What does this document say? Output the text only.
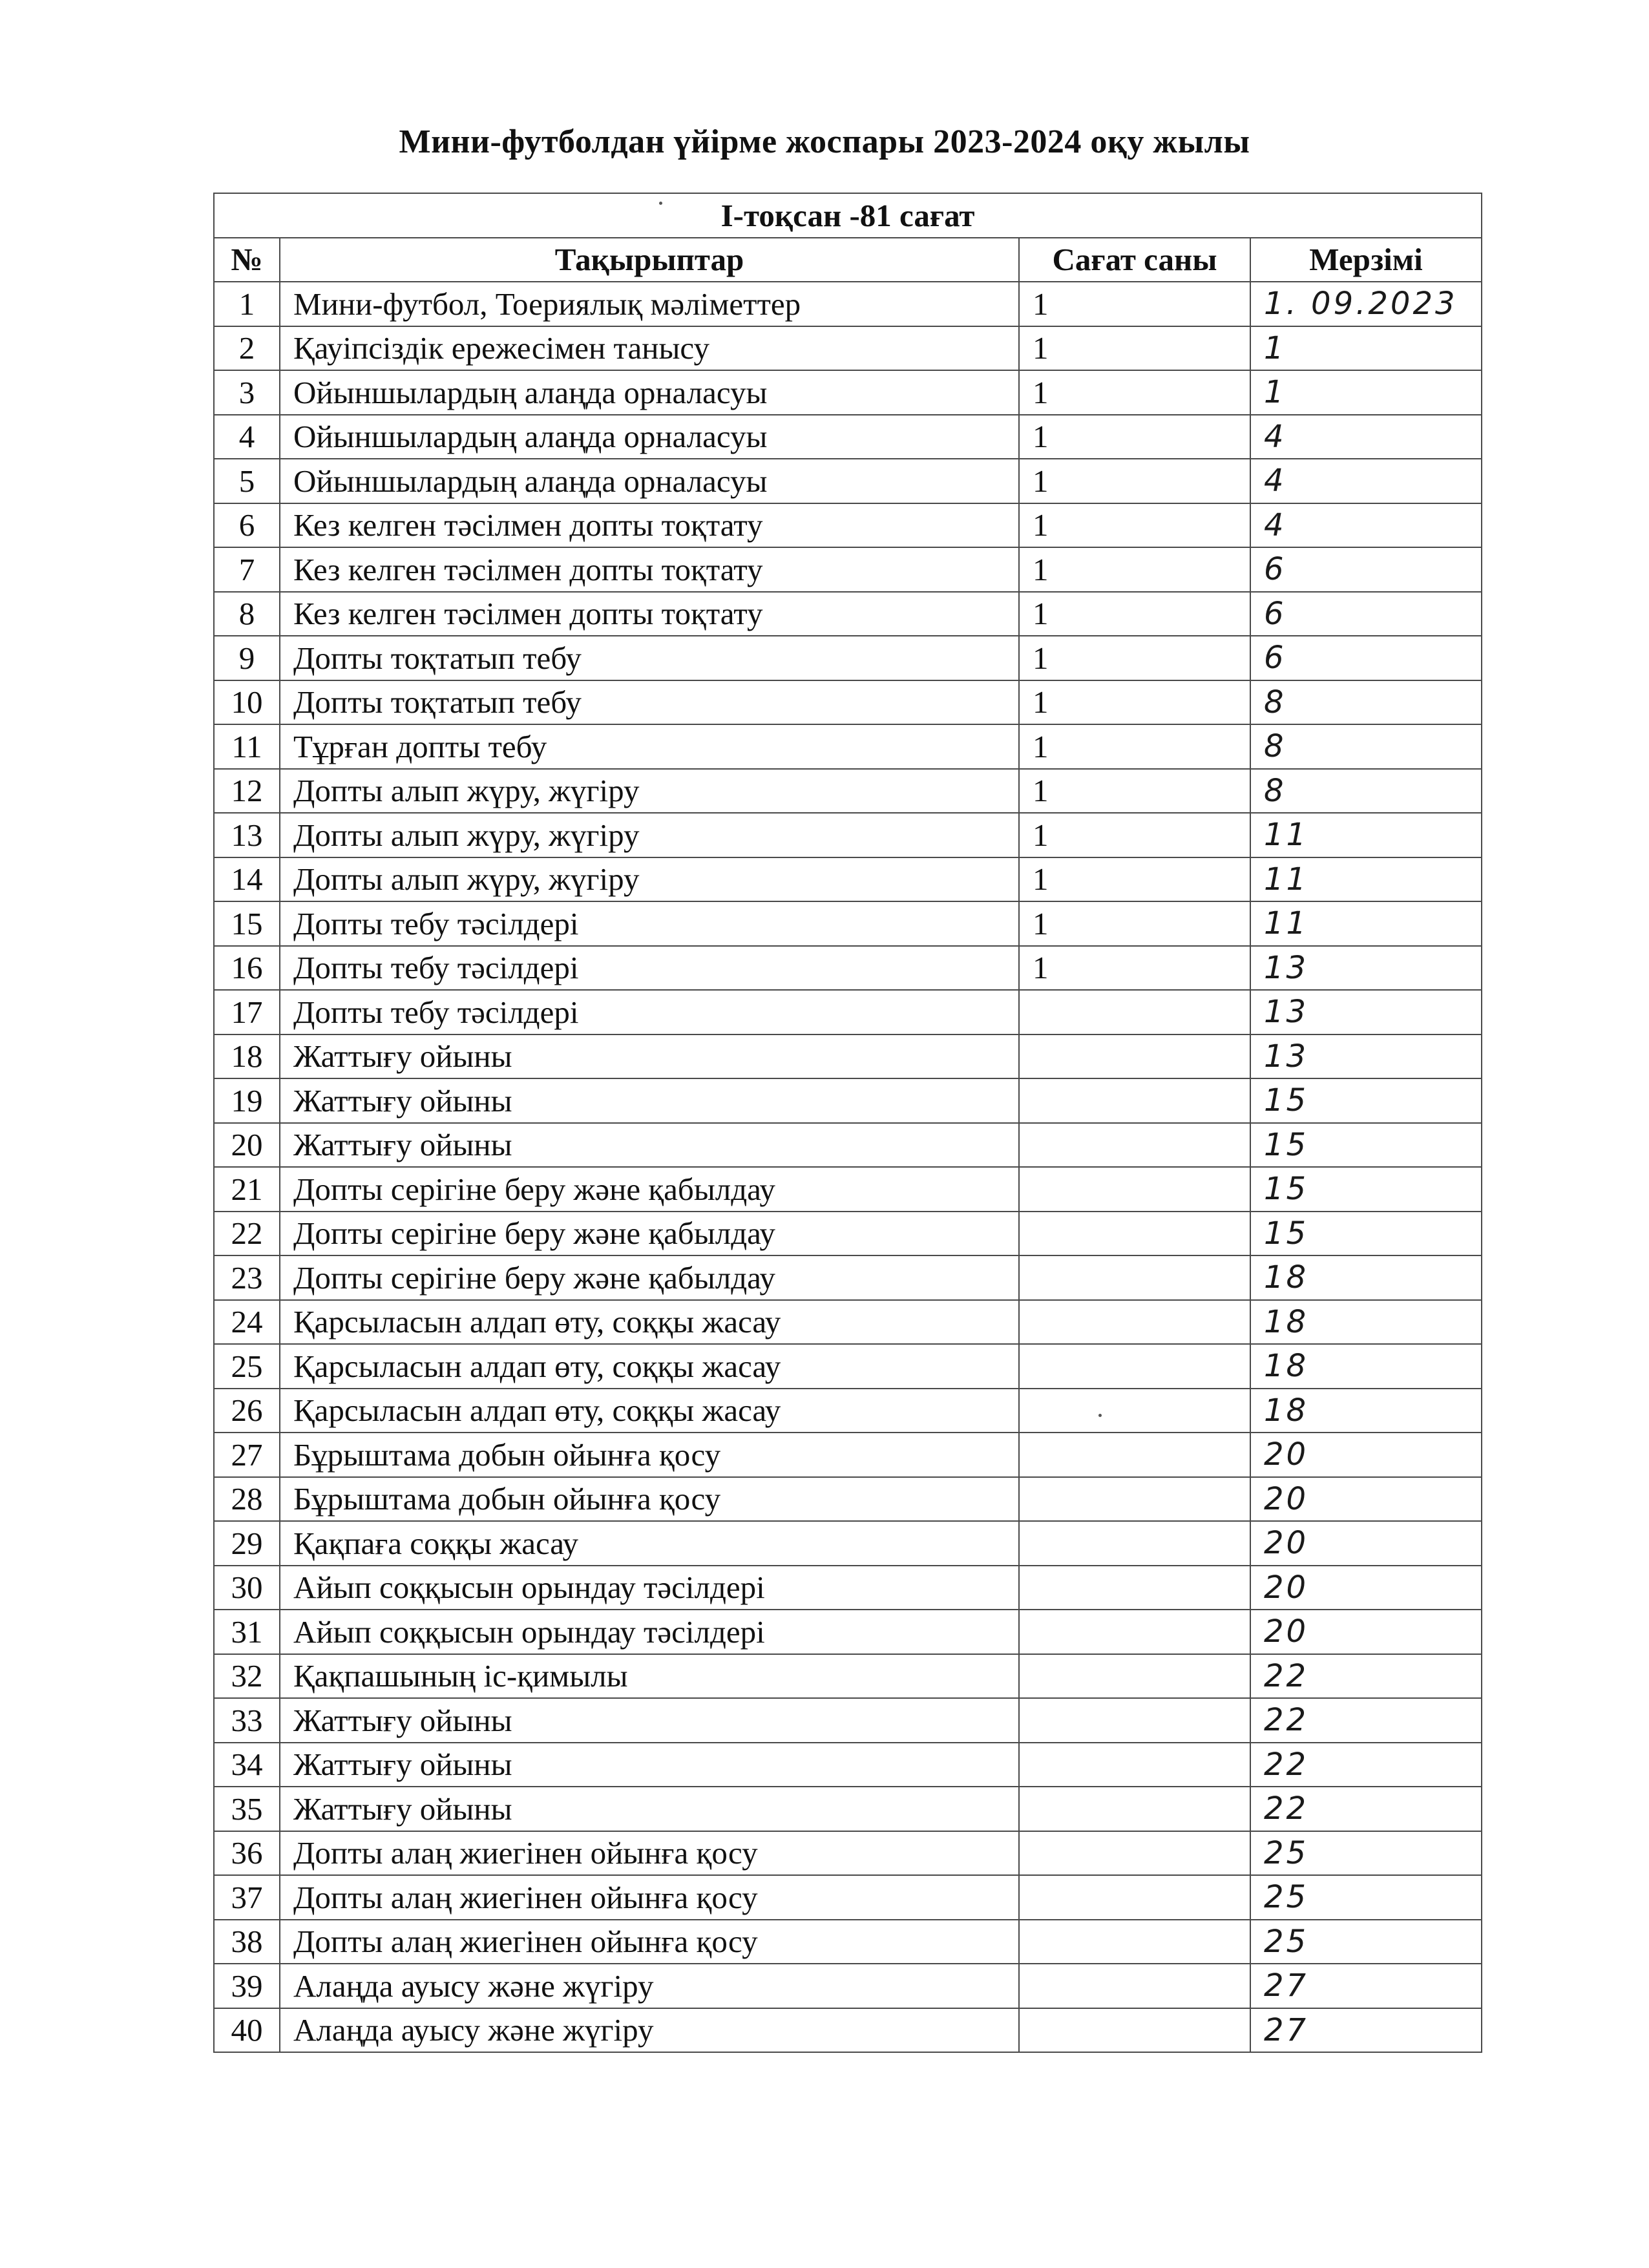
Мини-футболдан үйірме жоспары 2023-2024 оқу жылы
І-тоқсан -81 сағат			
№	Тақырыптар	Сағат саны	Мерзімі
1	Мини-футбол, Тоериялық мәліметтер	1	1. 09.2023
2	Қауіпсіздік ережесімен танысу	1	1
3	Ойыншылардың алаңда орналасуы	1	1
4	Ойыншылардың алаңда орналасуы	1	4
5	Ойыншылардың алаңда орналасуы	1	4
6	Кез келген тәсілмен допты тоқтату	1	4
7	Кез келген тәсілмен допты тоқтату	1	6
8	Кез келген тәсілмен допты тоқтату	1	6
9	Допты тоқтатып тебу	1	6
10	Допты тоқтатып тебу	1	8
11	Тұрған допты тебу	1	8
12	Допты алып жүру, жүгіру	1	8
13	Допты алып жүру, жүгіру	1	11
14	Допты алып жүру, жүгіру	1	11
15	Допты тебу тәсілдері	1	11
16	Допты тебу тәсілдері	1	13
17	Допты тебу тәсілдері		13
18	Жаттығу ойыны		13
19	Жаттығу ойыны		15
20	Жаттығу ойыны		15
21	Допты серігіне беру және қабылдау		15
22	Допты серігіне беру және қабылдау		15
23	Допты серігіне беру және қабылдау		18
24	Қарсыласын алдап өту, соққы жасау		18
25	Қарсыласын алдап өту, соққы жасау		18
26	Қарсыласын алдап өту, соққы жасау		18
27	Бұрыштама добын ойынға қосу		20
28	Бұрыштама добын ойынға қосу		20
29	Қақпаға соққы жасау		20
30	Айып соққысын орындау тәсілдері		20
31	Айып соққысын орындау тәсілдері		20
32	Қақпашының іс-қимылы		22
33	Жаттығу ойыны		22
34	Жаттығу ойыны		22
35	Жаттығу ойыны		22
36	Допты алаң жиегінен ойынға қосу		25
37	Допты алаң жиегінен ойынға қосу		25
38	Допты алаң жиегінен ойынға қосу		25
39	Алаңда ауысу және жүгіру		27
40	Алаңда ауысу және жүгіру		27
